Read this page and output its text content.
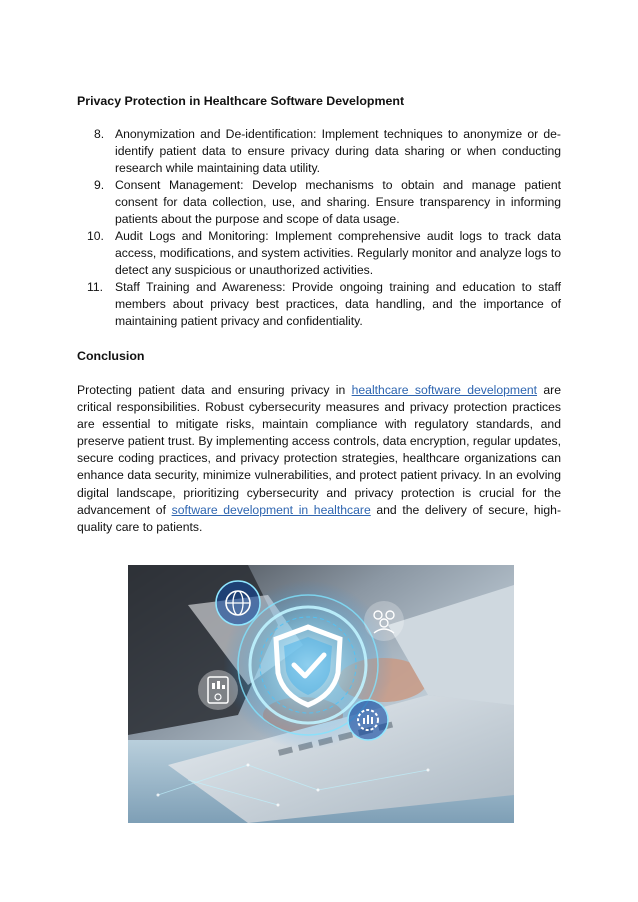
Privacy Protection in Healthcare Software Development
8. Anonymization and De-identification: Implement techniques to anonymize or de-identify patient data to ensure privacy during data sharing or when conducting research while maintaining data utility.
9. Consent Management: Develop mechanisms to obtain and manage patient consent for data collection, use, and sharing. Ensure transparency in informing patients about the purpose and scope of data usage.
10. Audit Logs and Monitoring: Implement comprehensive audit logs to track data access, modifications, and system activities. Regularly monitor and analyze logs to detect any suspicious or unauthorized activities.
11. Staff Training and Awareness: Provide ongoing training and education to staff members about privacy best practices, data handling, and the importance of maintaining patient privacy and confidentiality.
Conclusion

Protecting patient data and ensuring privacy in healthcare software development are critical responsibilities. Robust cybersecurity measures and privacy protection practices are essential to mitigate risks, maintain compliance with regulatory standards, and preserve patient trust. By implementing access controls, data encryption, regular updates, secure coding practices, and privacy protection strategies, healthcare organizations can enhance data security, minimize vulnerabilities, and protect patient privacy. In an evolving digital landscape, prioritizing cybersecurity and privacy protection is crucial for the advancement of software development in healthcare and the delivery of secure, high-quality care to patients.
